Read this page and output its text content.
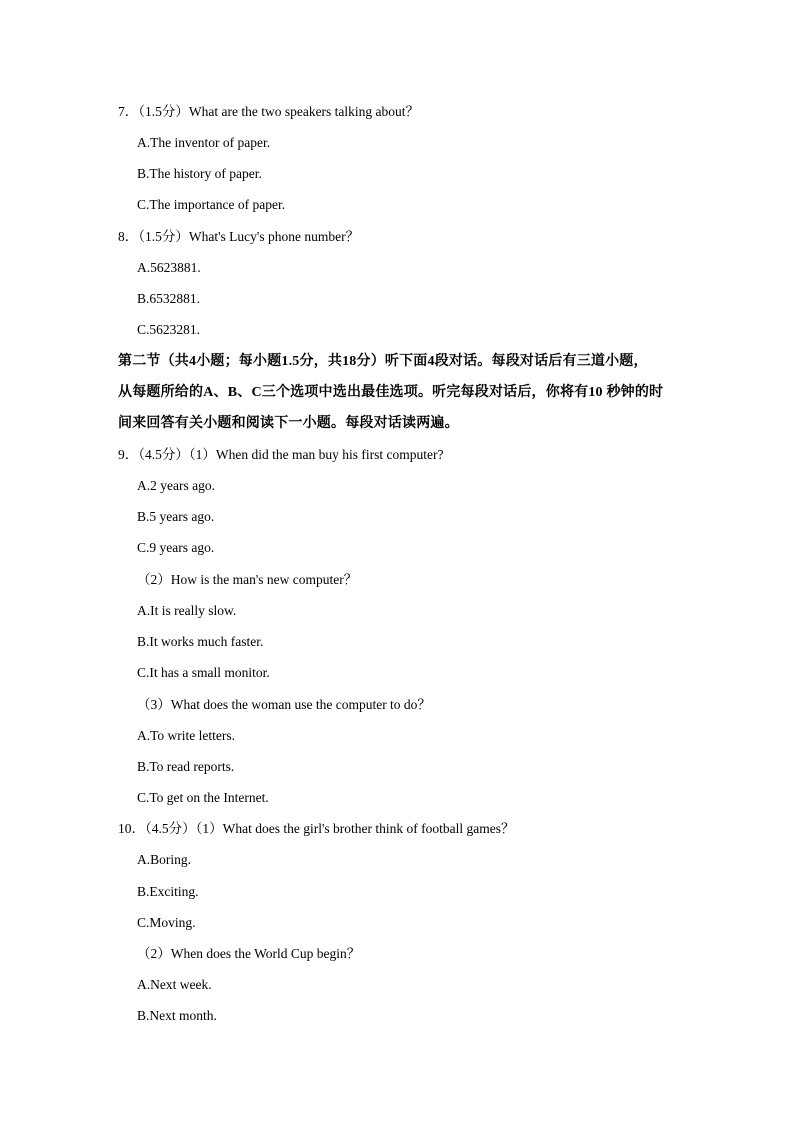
7．（1.5分）What are the two speakers talking about？
A.The inventor of paper.
B.The history of paper.
C.The importance of paper.
8．（1.5分）What's Lucy's phone number？
A.5623881.
B.6532881.
C.5623281.
第二节（共4小题；每小题1.5分，共18分）听下面4段对话。每段对话后有三道小题，
从每题所给的A、B、C三个选项中选出最佳选项。听完每段对话后，你将有10 秒钟的时
间来回答有关小题和阅读下一小题。每段对话读两遍。
9．（4.5分）（1）When did the man buy his first computer?
A.2 years ago.
B.5 years ago.
C.9 years ago.
（2）How is the man's new computer？
A.It is really slow.
B.It works much faster.
C.It has a small monitor.
（3）What does the woman use the computer to do？
A.To write letters.
B.To read reports.
C.To get on the Internet.
10．（4.5分）（1）What does the girl's brother think of football games？
A.Boring.
B.Exciting.
C.Moving.
（2）When does the World Cup begin？
A.Next week.
B.Next month.
